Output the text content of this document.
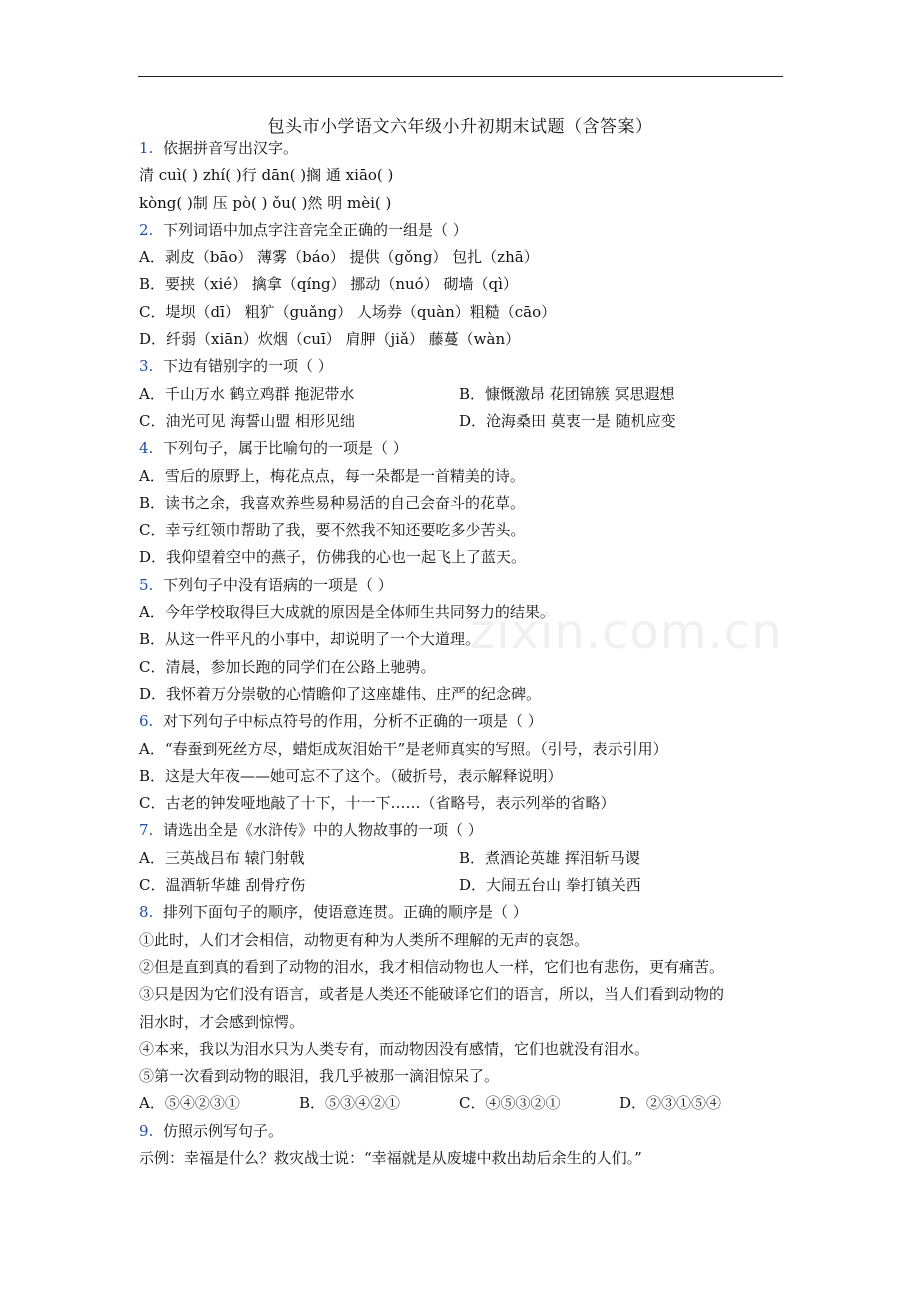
包头市小学语文六年级小升初期末试题（含答案）
zixin.com.cn
1. 依据拼音写出汉字。
清 cuì( ) zhí( )行 dān( )搁 通 xiāo( )
kòng( )制 压 pò( ) ǒu( )然 明 mèi( )
2. 下列词语中加点字注音完全正确的一组是（ ）
A．剥皮（bāo） 薄雾（báo） 提供（gǒng） 包扎（zhā）
B．要挟（xié） 擒拿（qíng） 挪动（nuó） 砌墙（qì）
C．堤坝（dī） 粗犷（guǎng） 人场券（quàn）粗糙（cāo）
D．纤弱（xiān）炊烟（cuī） 肩胛（jiǎ） 藤蔓（wàn）
3. 下边有错别字的一项（ ）
A．千山万水 鹤立鸡群 拖泥带水	B．慷慨激昂 花团锦簇 冥思遐想
C．油光可见 海誓山盟 相形见绌	D．沧海桑田 莫衷一是 随机应变
4. 下列句子，属于比喻句的一项是（ ）
A．雪后的原野上，梅花点点，每一朵都是一首精美的诗。
B．读书之余，我喜欢养些易种易活的自己会奋斗的花草。
C．幸亏红领巾帮助了我，要不然我不知还要吃多少苦头。
D．我仰望着空中的燕子，仿佛我的心也一起飞上了蓝天。
5. 下列句子中没有语病的一项是（ ）
A．今年学校取得巨大成就的原因是全体师生共同努力的结果。
B．从这一件平凡的小事中，却说明了一个大道理。
C．清晨，参加长跑的同学们在公路上驰骋。
D．我怀着万分崇敬的心情瞻仰了这座雄伟、庄严的纪念碑。
6. 对下列句子中标点符号的作用，分析不正确的一项是（ ）
A．“春蚕到死丝方尽，蜡炬成灰泪始干”是老师真实的写照。（引号，表示引用）
B．这是大年夜——她可忘不了这个。（破折号，表示解释说明）
C．古老的钟发哑地敲了十下，十一下……（省略号，表示列举的省略）
7. 请选出全是《水浒传》中的人物故事的一项（ ）
A．三英战吕布 辕门射戟	B．煮酒论英雄 挥泪斩马谡
C．温酒斩华雄 刮骨疗伤	D．大闹五台山 拳打镇关西
8. 排列下面句子的顺序，使语意连贯。正确的顺序是（ ）
①此时，人们才会相信，动物更有种为人类所不理解的无声的哀怨。
②但是直到真的看到了动物的泪水，我才相信动物也人一样，它们也有悲伤，更有痛苦。
③只是因为它们没有语言，或者是人类还不能破译它们的语言，所以，当人们看到动物的
泪水时，才会感到惊愕。
④本来，我以为泪水只为人类专有，而动物因没有感情，它们也就没有泪水。
⑤第一次看到动物的眼泪，我几乎被那一滴泪惊呆了。
A．⑤④②③①	B．⑤③④②①	C．④⑤③②①	D．②③①⑤④
9. 仿照示例写句子。
示例：幸福是什么？救灾战士说：“幸福就是从废墟中救出劫后余生的人们。”
